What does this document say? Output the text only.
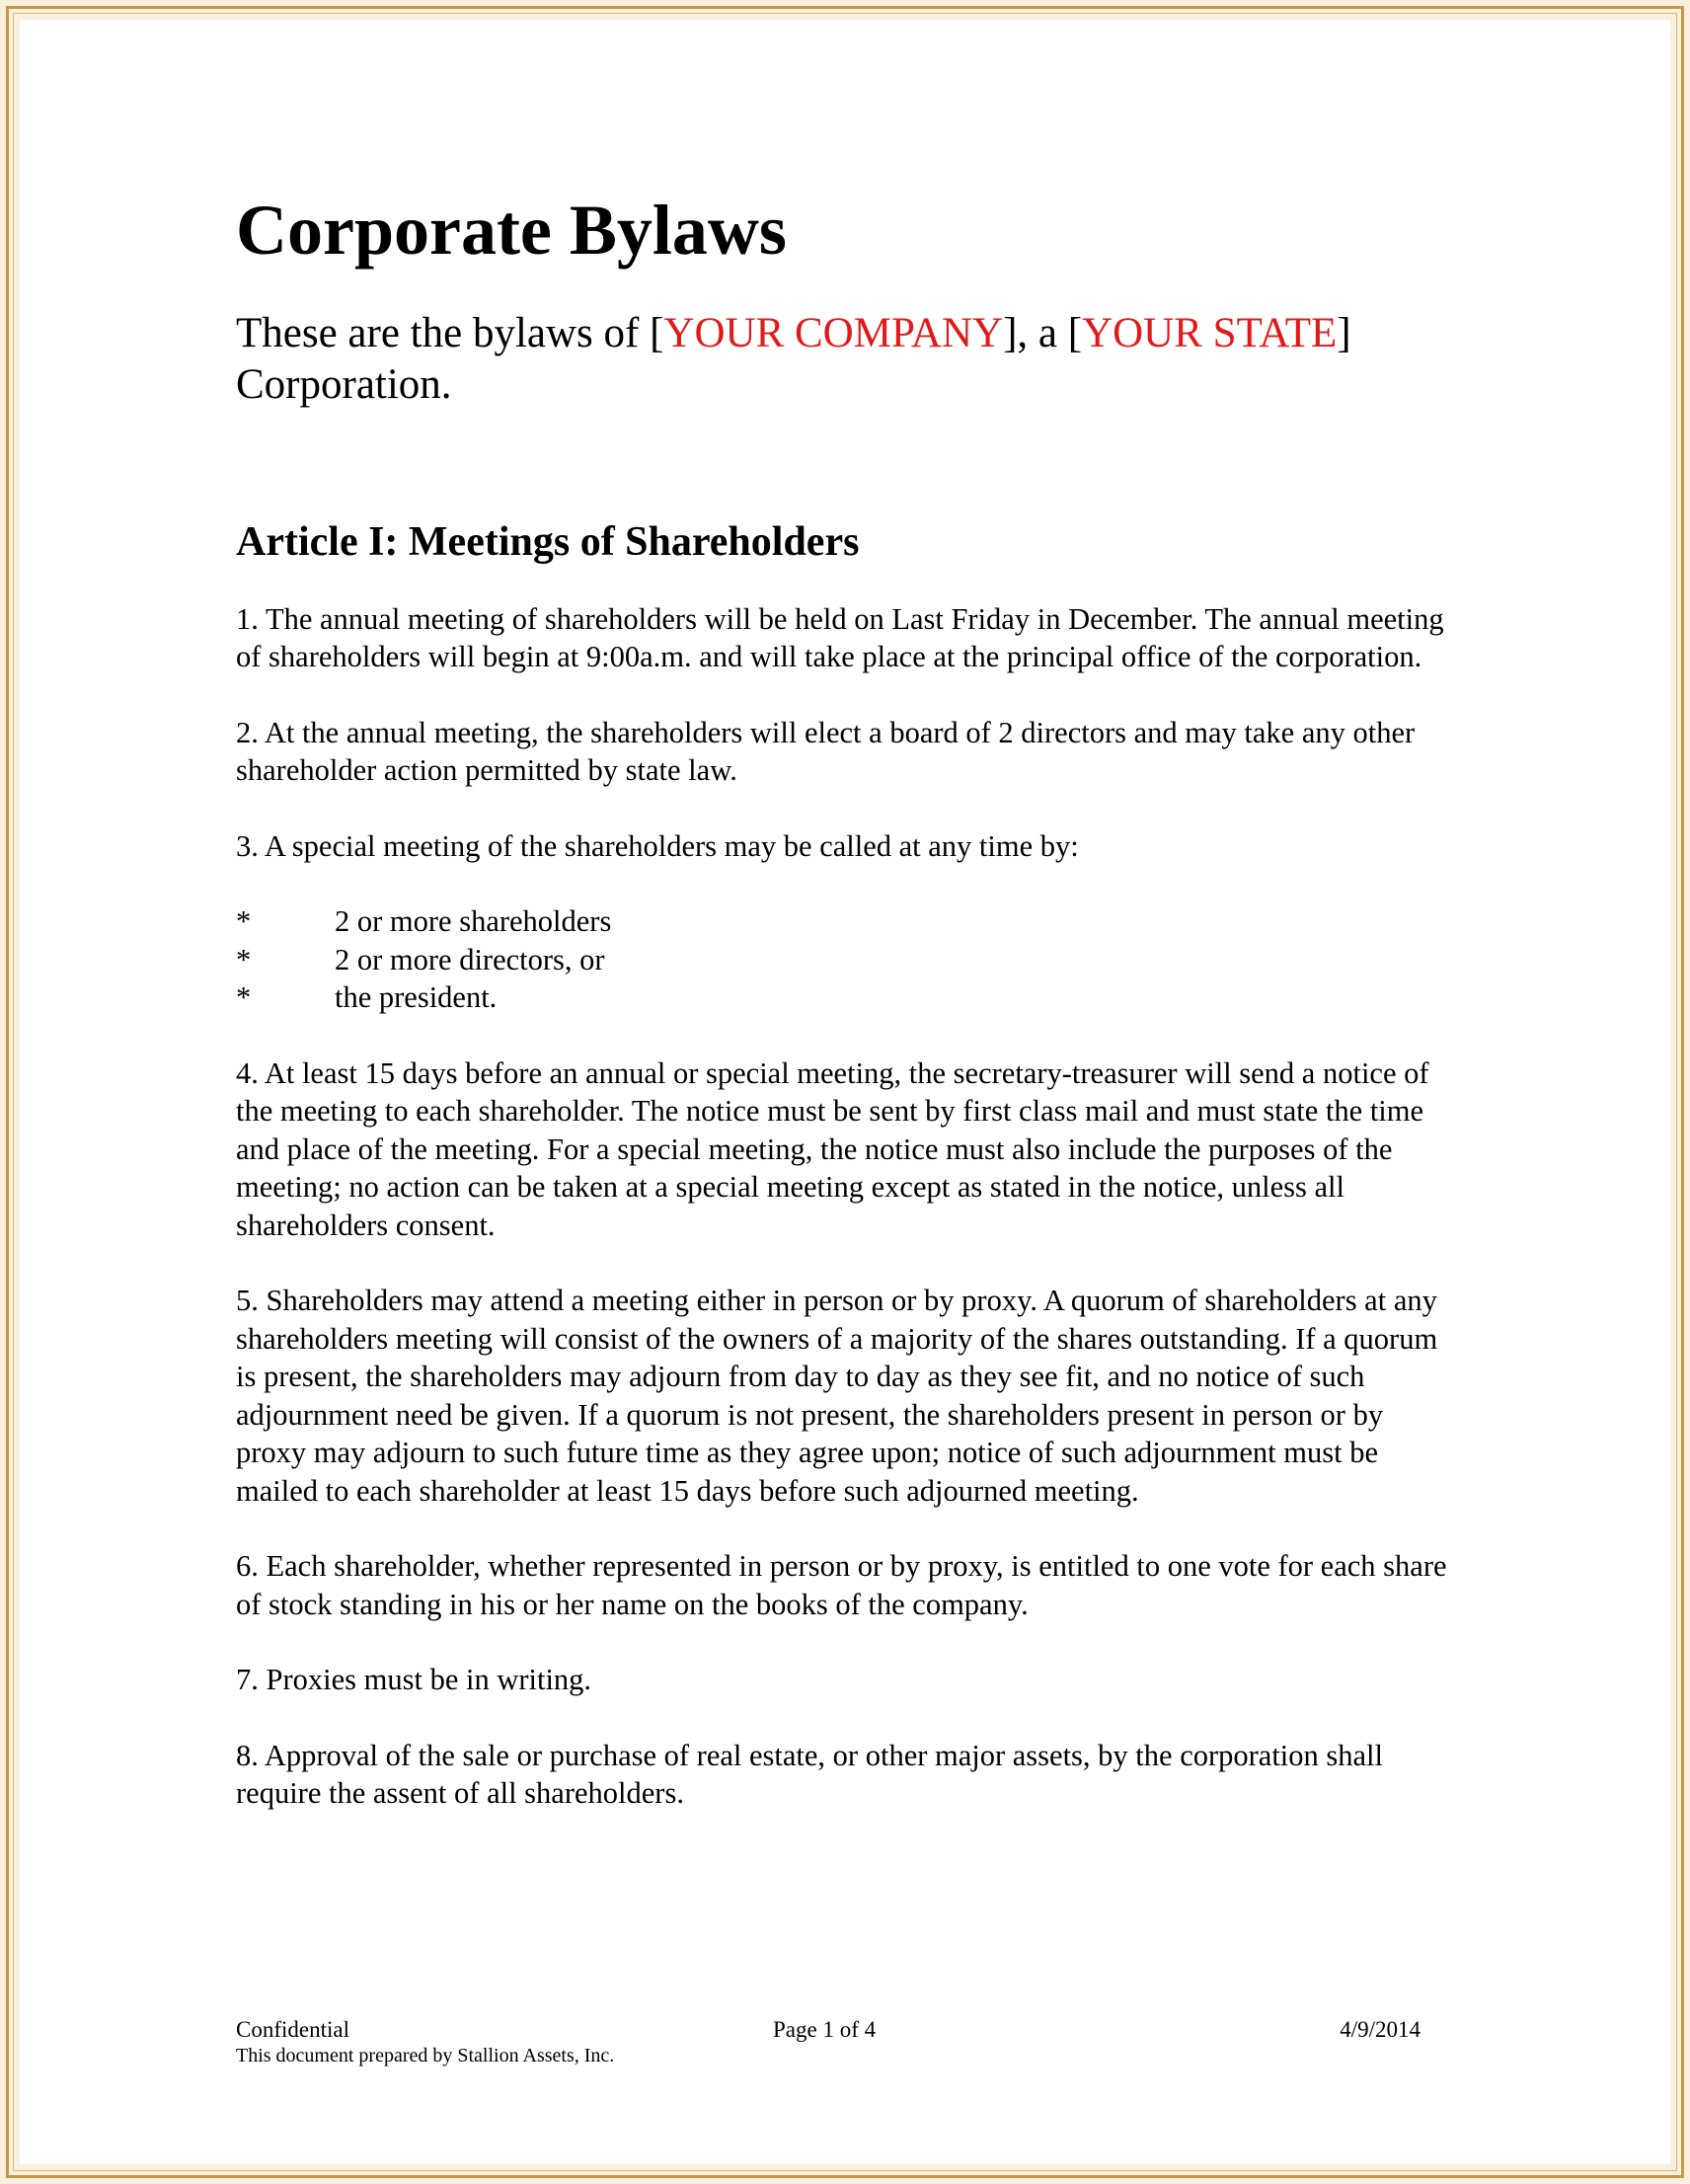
Corporate Bylaws
These are the bylaws of [YOUR COMPANY], a [YOUR STATE] Corporation.
Article I: Meetings of Shareholders

1. The annual meeting of shareholders will be held on Last Friday in December. The annual meeting of shareholders will begin at 9:00a.m. and will take place at the principal office of the corporation.

2. At the annual meeting, the shareholders will elect a board of 2 directors and may take any other shareholder action permitted by state law.

3. A special meeting of the shareholders may be called at any time by:

*	2 or more shareholders
*	2 or more directors, or
*	the president.

4. At least 15 days before an annual or special meeting, the secretary-treasurer will send a notice of the meeting to each shareholder. The notice must be sent by first class mail and must state the time and place of the meeting. For a special meeting, the notice must also include the purposes of the meeting; no action can be taken at a special meeting except as stated in the notice, unless all shareholders consent.

5. Shareholders may attend a meeting either in person or by proxy. A quorum of shareholders at any shareholders meeting will consist of the owners of a majority of the shares outstanding. If a quorum is present, the shareholders may adjourn from day to day as they see fit, and no notice of such adjournment need be given. If a quorum is not present, the shareholders present in person or by proxy may adjourn to such future time as they agree upon; notice of such adjournment must be mailed to each shareholder at least 15 days before such adjourned meeting.

6. Each shareholder, whether represented in person or by proxy, is entitled to one vote for each share of stock standing in his or her name on the books of the company.

7. Proxies must be in writing.

8. Approval of the sale or purchase of real estate, or other major assets, by the corporation shall require the assent of all shareholders.

Confidential	Page 1 of 4	4/9/2014
This document prepared by Stallion Assets, Inc.
